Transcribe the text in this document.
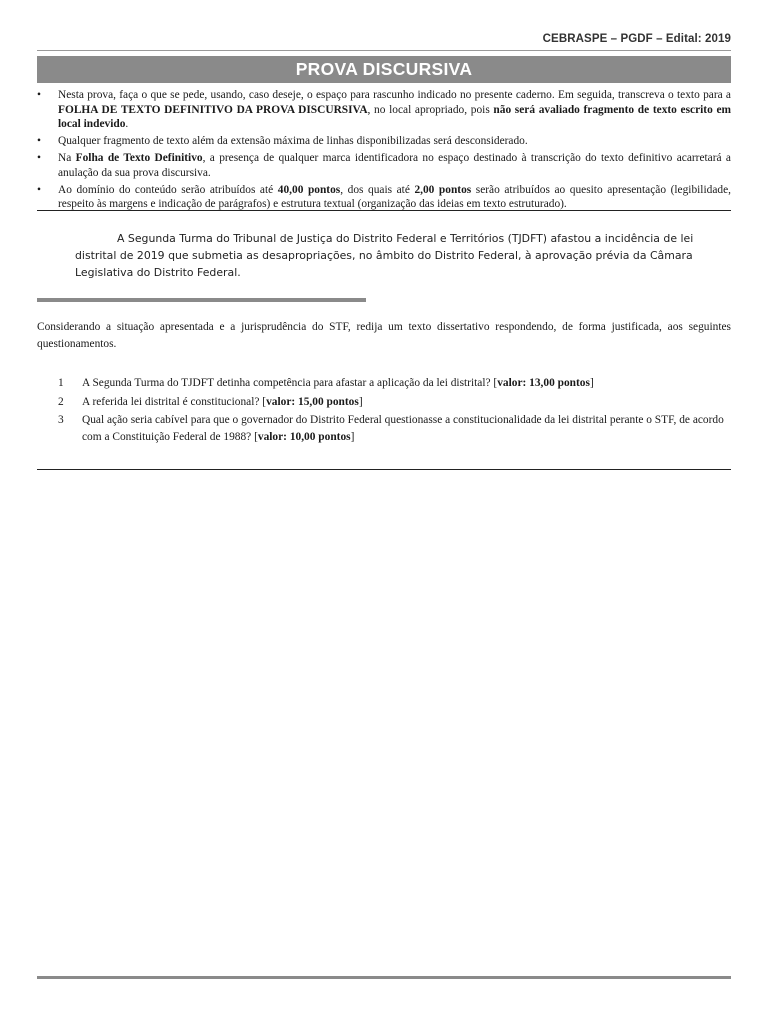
CEBRASPE – PGDF – Edital: 2019
PROVA DISCURSIVA
• Nesta prova, faça o que se pede, usando, caso deseje, o espaço para rascunho indicado no presente caderno. Em seguida, transcreva o texto para a FOLHA DE TEXTO DEFINITIVO DA PROVA DISCURSIVA, no local apropriado, pois não será avaliado fragmento de texto escrito em local indevido.
• Qualquer fragmento de texto além da extensão máxima de linhas disponibilizadas será desconsiderado.
• Na Folha de Texto Definitivo, a presença de qualquer marca identificadora no espaço destinado à transcrição do texto definitivo acarretará a anulação da sua prova discursiva.
• Ao domínio do conteúdo serão atribuídos até 40,00 pontos, dos quais até 2,00 pontos serão atribuídos ao quesito apresentação (legibilidade, respeito às margens e indicação de parágrafos) e estrutura textual (organização das ideias em texto estruturado).

A Segunda Turma do Tribunal de Justiça do Distrito Federal e Territórios (TJDFT) afastou a incidência de lei distrital de 2019 que submetia as desapropriações, no âmbito do Distrito Federal, à aprovação prévia da Câmara Legislativa do Distrito Federal.

Considerando a situação apresentada e a jurisprudência do STF, redija um texto dissertativo respondendo, de forma justificada, aos seguintes questionamentos.

1 A Segunda Turma do TJDFT detinha competência para afastar a aplicação da lei distrital? [valor: 13,00 pontos]
2 A referida lei distrital é constitucional? [valor: 15,00 pontos]
3 Qual ação seria cabível para que o governador do Distrito Federal questionasse a constitucionalidade da lei distrital perante o STF, de acordo com a Constituição Federal de 1988? [valor: 10,00 pontos]
